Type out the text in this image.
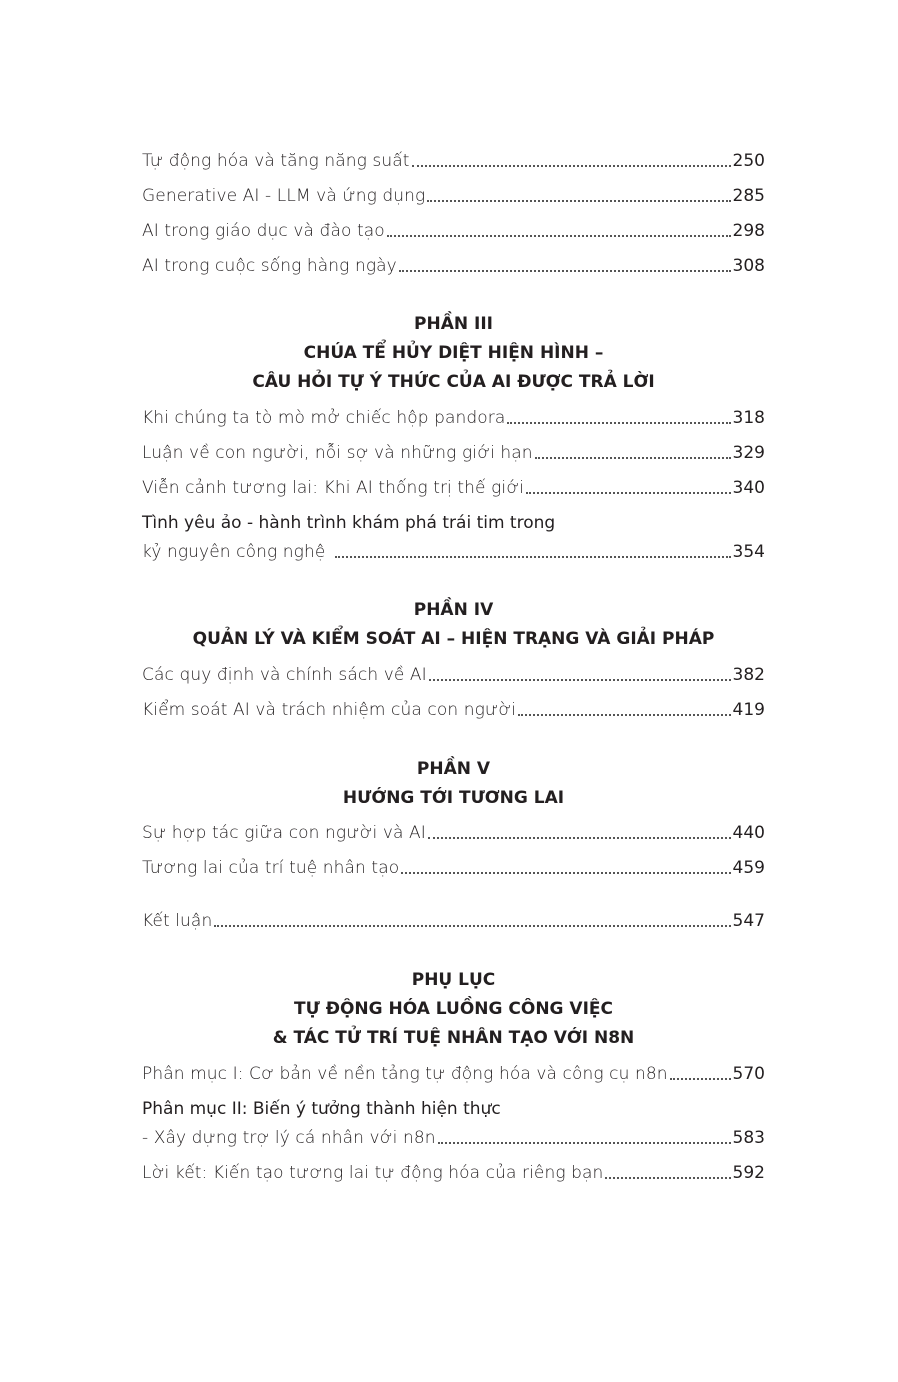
Tự động hóa và tăng năng suất	250
Generative AI - LLM và ứng dụng	285
AI trong giáo dục và đào tạo	298
AI trong cuộc sống hàng ngày	308
PHẦN III
CHÚA TỂ HỦY DIỆT HIỆN HÌNH –
CÂU HỎI TỰ Ý THỨC CỦA AI ĐƯỢC TRẢ LỜI
Khi chúng ta tò mò mở chiếc hộp pandora	318
Luận về con người, nỗi sợ và những giới hạn	329
Viễn cảnh tương lai: Khi AI thống trị thế giới	340
Tình yêu ảo - hành trình khám phá trái tim trong
kỷ nguyên công nghệ	354
PHẦN IV
QUẢN LÝ VÀ KIỂM SOÁT AI – HIỆN TRẠNG VÀ GIẢI PHÁP
Các quy định và chính sách về AI	382
Kiểm soát AI và trách nhiệm của con người	419
PHẦN V
HƯỚNG TỚI TƯƠNG LAI
Sự hợp tác giữa con người và AI	440
Tương lai của trí tuệ nhân tạo	459
Kết luận	547
PHỤ LỤC
TỰ ĐỘNG HÓA LUỒNG CÔNG VIỆC
& TÁC TỬ TRÍ TUỆ NHÂN TẠO VỚI N8N
Phân mục I: Cơ bản về nền tảng tự động hóa và công cụ n8n	570
Phân mục II: Biến ý tưởng thành hiện thực
- Xây dựng trợ lý cá nhân với n8n	583
Lời kết: Kiến tạo tương lai tự động hóa của riêng bạn	592
